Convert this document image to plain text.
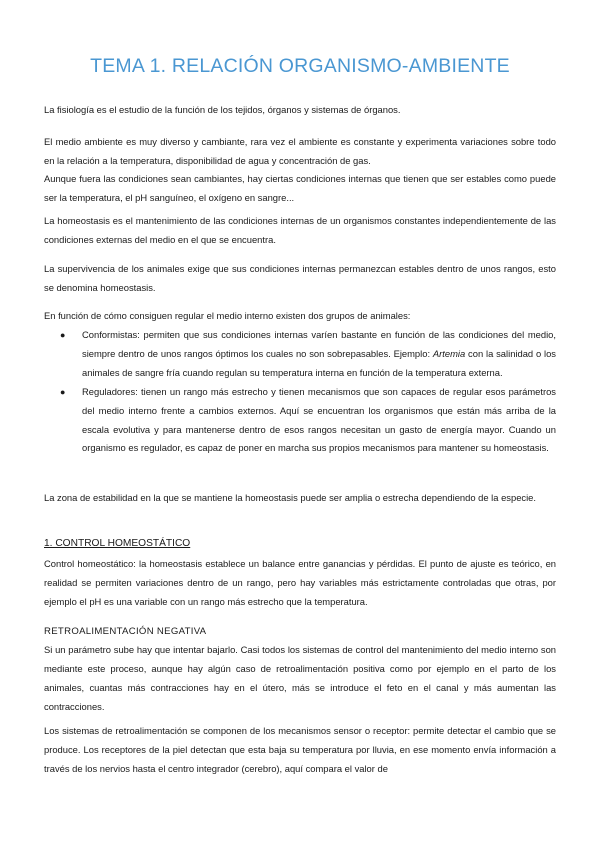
TEMA 1. RELACIÓN ORGANISMO-AMBIENTE

La fisiología es el estudio de la función de los tejidos, órganos y sistemas de órganos.

El medio ambiente es muy diverso y cambiante, rara vez el ambiente es constante y experimenta variaciones sobre todo en la relación a la temperatura, disponibilidad de agua y concentración de gas.

Aunque fuera las condiciones sean cambiantes, hay ciertas condiciones internas que tienen que ser estables como puede ser la temperatura, el pH sanguíneo, el oxígeno en sangre...

La homeostasis es el mantenimiento de las condiciones internas de un organismos constantes independientemente de las condiciones externas del medio en el que se encuentra.

La supervivencia de los animales exige que sus condiciones internas permanezcan estables dentro de unos rangos, esto se denomina homeostasis.

En función de cómo consiguen regular el medio interno existen dos grupos de animales:

● Conformistas: permiten que sus condiciones internas varíen bastante en función de las condiciones del medio, siempre dentro de unos rangos óptimos los cuales no son sobrepasables. Ejemplo: Artemia con la salinidad o los animales de sangre fría cuando regulan su temperatura interna en función de la temperatura externa.
● Reguladores: tienen un rango más estrecho y tienen mecanismos que son capaces de regular esos parámetros del medio interno frente a cambios externos. Aquí se encuentran los organismos que están más arriba de la escala evolutiva y para mantenerse dentro de esos rangos necesitan un gasto de energía mayor. Cuando un organismo es regulador, es capaz de poner en marcha sus propios mecanismos para mantener su homeostasis.

La zona de estabilidad en la que se mantiene la homeostasis puede ser amplia o estrecha dependiendo de la especie.

1. CONTROL HOMEOSTÁTICO

Control homeostático: la homeostasis establece un balance entre ganancias y pérdidas. El punto de ajuste es teórico, en realidad se permiten variaciones dentro de un rango, pero hay variables más estrictamente controladas que otras, por ejemplo el pH es una variable con un rango más estrecho que la temperatura.

RETROALIMENTACIÓN NEGATIVA

Si un parámetro sube hay que intentar bajarlo. Casi todos los sistemas de control del mantenimiento del medio interno son mediante este proceso, aunque hay algún caso de retroalimentación positiva como por ejemplo en el parto de los animales, cuantas más contracciones hay en el útero, más se introduce el feto en el canal y más aumentan las contracciones.

Los sistemas de retroalimentación se componen de los mecanismos sensor o receptor: permite detectar el cambio que se produce. Los receptores de la piel detectan que esta baja su temperatura por lluvia, en ese momento envía información a través de los nervios hasta el centro integrador (cerebro), aquí compara el valor de
